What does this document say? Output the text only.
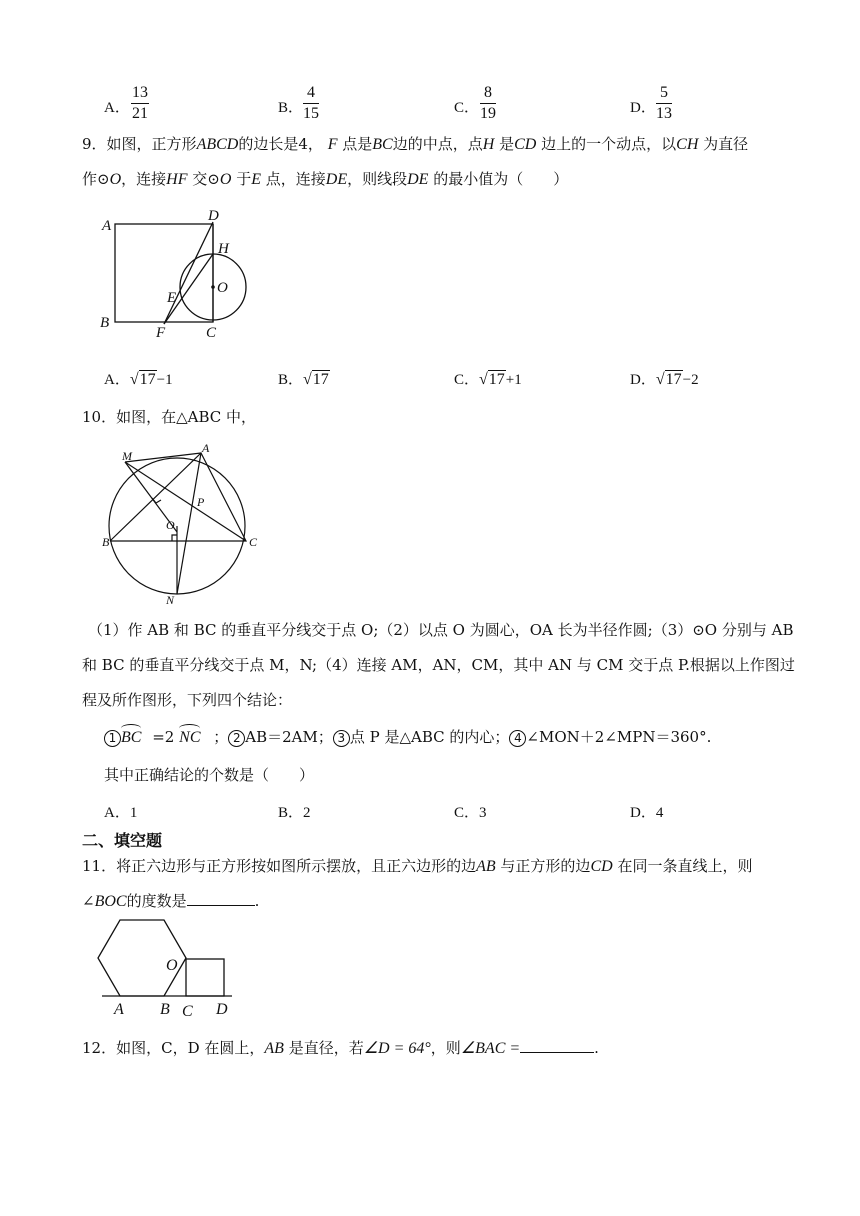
A．
13
21	B．
4
15	C．
8
19	D．
5
13
9．如图，正方形ABCD的边长是4， F 点是BC边的中点，点H 是CD 边上的一个动点，以CH 为直径
作⊙O，连接HF 交⊙O 于E 点，连接DE，则线段DE 的最小值为（　　）
A
D
H
O
E
B
F	C
A．√17−1	B．√17	C．√17+1	D．√17−2
10．如图，在△ABC 中，
M
A
P
O
B	C
N
（1）作 AB 和 BC 的垂直平分线交于点 O;（2）以点 O 为圆心，OA 长为半径作圆;（3）⊙O 分别与 AB
和 BC 的垂直平分线交于点 M，N;（4）连接 AM，AN，CM，其中 AN 与 CM 交于点 P.根据以上作图过
程及所作图形，下列四个结论：
1 BC =2 NC ； 2 AB＝2AM； 3 点 P 是△ABC 的内心； 4 ∠MON＋2∠MPN＝360°.
其中正确结论的个数是（　　）
A．1	B．2	C．3	D．4
二、填空题
11．将正六边形与正方形按如图所示摆放，且正六边形的边AB 与正方形的边CD 在同一条直线上，则
∠BOC的度数是	.
O
A B C D
12．如图，C，D 在圆上，AB 是直径，若∠D = 64°，则∠BAC =	.
